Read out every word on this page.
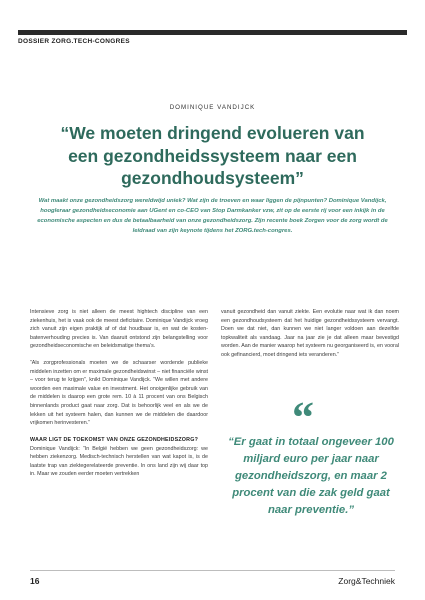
DOSSIER ZORG.TECH-CONGRES
DOMINIQUE VANDIJCK
“We moeten dringend evolueren van
een gezondheidssysteem naar een
gezondhoudsysteem”
Wat maakt onze gezondheidszorg wereldwijd uniek? Wat zijn de troeven en waar liggen de pijnpunten? Dominique Vandijck, hoogleraar gezondheidseconomie aan UGent en co-CEO van Stop Darmkanker vzw, zit op de eerste rij voor een inkijk in de economische aspecten en dus de betaalbaarheid van onze gezondheidszorg. Zijn recente boek Zorgen voor de zorg wordt de leidraad van zijn keynote tijdens het ZORG.tech-congres.

Intensieve zorg is niet alleen de meest hightech discipline van een ziekenhuis, het is vaak ook de meest deficitaire. Dominique Vandijck vroeg zich vanuit zijn eigen praktijk af of dat houdbaar is, en wat de kosten-batenverhouding precies is. Van daaruit ontstond zijn belangstelling voor gezondheidseconomische en beleidsmatige thema’s.

“Als zorgprofessionals moeten we de schaarser wordende publieke middelen inzetten om er maximale gezondheidswinst – niet financiële winst – voor terug te krijgen”, knikt Dominique Vandijck. “We willen met andere woorden een maximale value en investment. Het onoigenlijke gebruik van de middelen is daarop een grote rem. 10 à 11 procent van ons Belgisch binnenlands product gaat naar zorg. Dat is behoorlijk veel en als we de lekken uit het systeem halen, dan kunnen we de middelen die daardoor vrijkomen herinvesteren.”

WAAR LIGT DE TOEKOMST VAN ONZE GEZONDHEIDSZORG?

Dominique Vandijck: “In België hebben we geen gezondheidszorg: we hebben ziekenzorg. Medisch-technisch herstellen van wat kapot is, is de laatste trap van ziektegerelateerde preventie. In ons land zijn wij daar top in. Maar we zouden eerder moeten vertrekken

vanuit gezondheid dan vanuit ziekte. Een evolutie naar wat ik dan noem een gezondhoudsysteem dat het huidige gezondheidssysteem vervangt. Doen we dat niet, dan kunnen we niet langer voldoen aan dezelfde topkwaliteit als vandaag. Jaar na jaar zie je dat alleen maar bevestigd worden. Aan de manier waarop het systeem nu georganiseerd is, en vooral ook gefinancierd, moet dringend iets veranderen.”

“
“Er gaat in totaal ongeveer 100 miljard euro per jaar naar gezondheidszorg, en maar 2 procent van die zak geld gaat naar preventie.”
16	Zorg&Techniek
